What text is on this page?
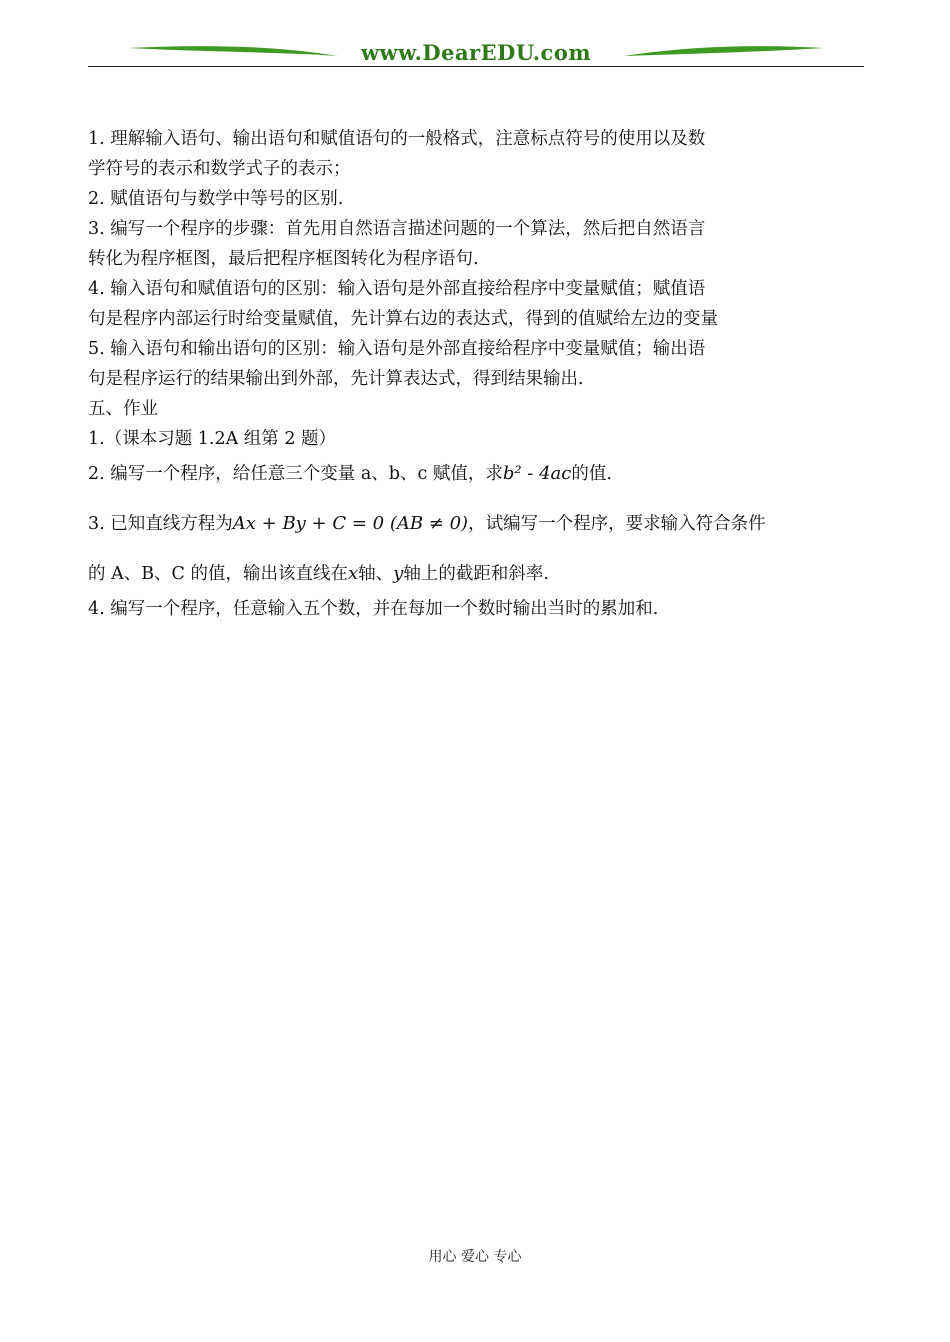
www.DearEDU.com
1. 理解输入语句、输出语句和赋值语句的一般格式，注意标点符号的使用以及数
学符号的表示和数学式子的表示；
2. 赋值语句与数学中等号的区别.
3. 编写一个程序的步骤：首先用自然语言描述问题的一个算法，然后把自然语言
转化为程序框图，最后把程序框图转化为程序语句.
4. 输入语句和赋值语句的区别：输入语句是外部直接给程序中变量赋值；赋值语
句是程序内部运行时给变量赋值，先计算右边的表达式，得到的值赋给左边的变量
5. 输入语句和输出语句的区别：输入语句是外部直接给程序中变量赋值；输出语
句是程序运行的结果输出到外部，先计算表达式，得到结果输出.
五、作业
1.（课本习题 1.2A 组第 2 题）
2. 编写一个程序，给任意三个变量 a、b、c 赋值，求b² - 4ac的值.
3. 已知直线方程为Ax + By + C = 0 (AB ≠ 0)，试编写一个程序，要求输入符合条件
的 A、B、C 的值，输出该直线在x轴、y轴上的截距和斜率.
4. 编写一个程序，任意输入五个数，并在每加一个数时输出当时的累加和.
用心 爱心 专心
